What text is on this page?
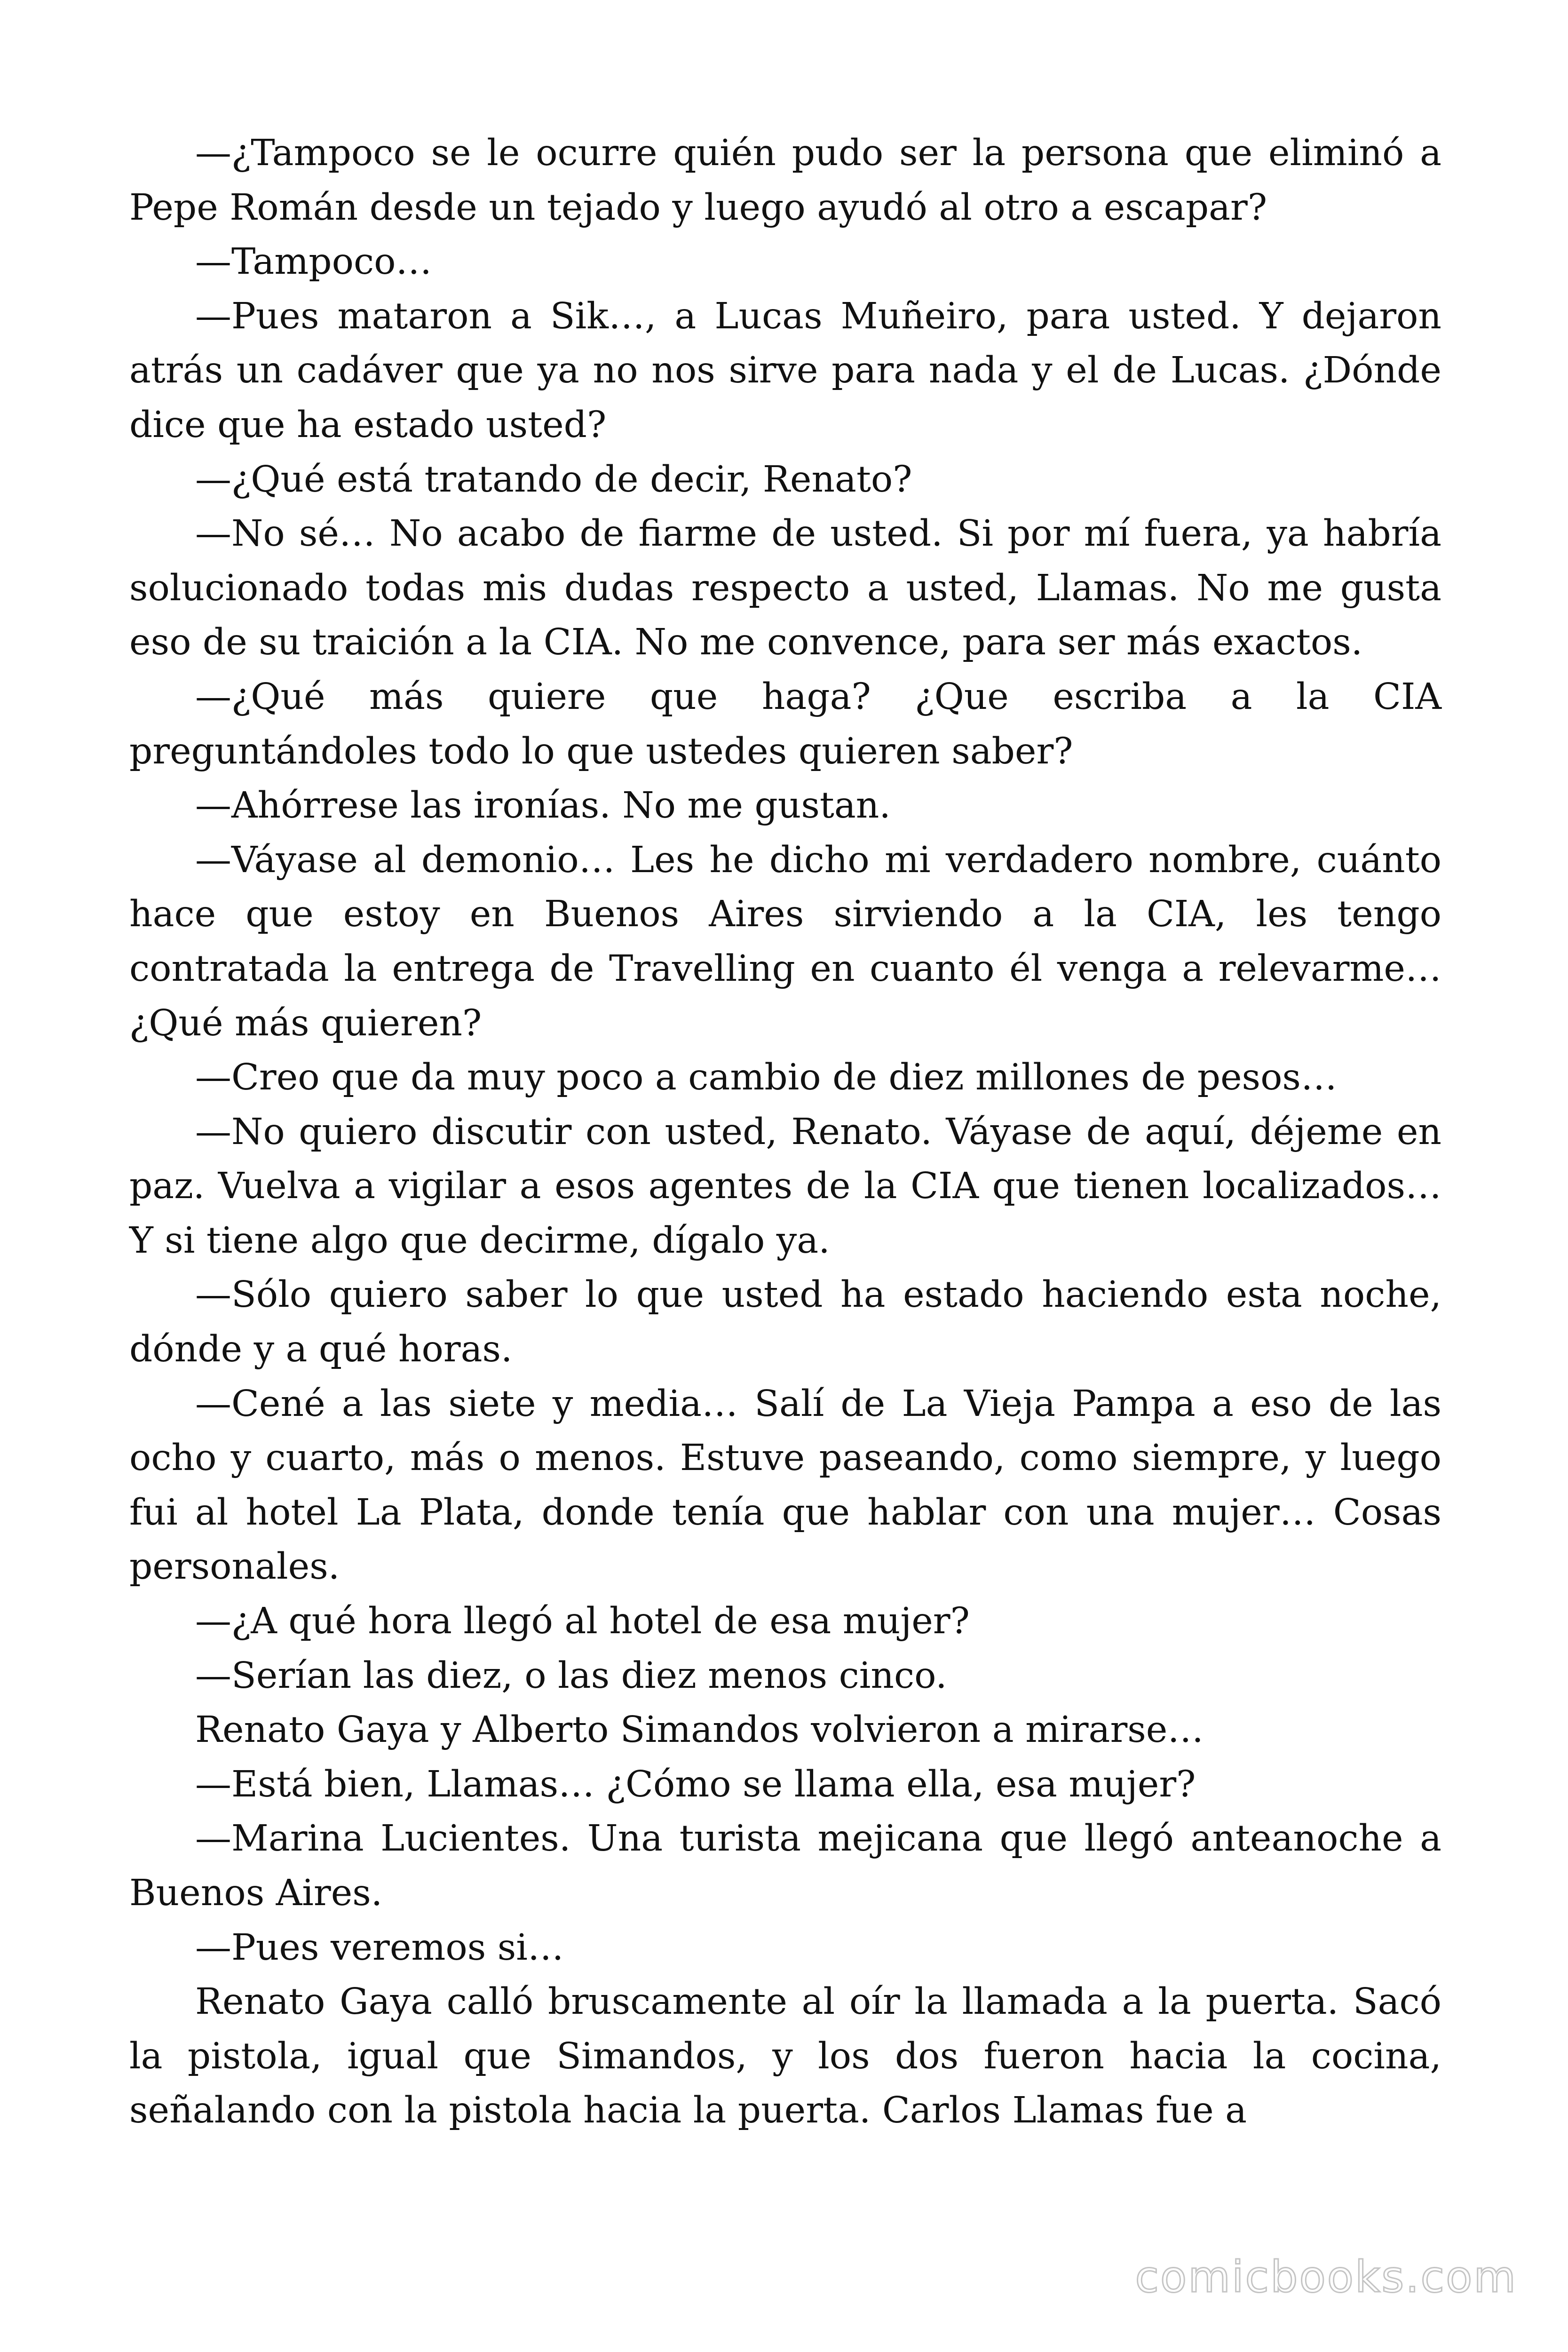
—¿Tampoco se le ocurre quién pudo ser la persona que eliminó a Pepe Román desde un tejado y luego ayudó al otro a escapar?

—Tampoco…

—Pues mataron a Sik…, a Lucas Muñeiro, para usted. Y dejaron atrás un cadáver que ya no nos sirve para nada y el de Lucas. ¿Dónde dice que ha estado usted?

—¿Qué está tratando de decir, Renato?

—No sé… No acabo de fiarme de usted. Si por mí fuera, ya habría solucionado todas mis dudas respecto a usted, Llamas. No me gusta eso de su traición a la CIA. No me convence, para ser más exactos.

—¿Qué más quiere que haga? ¿Que escriba a la CIA preguntándoles todo lo que ustedes quieren saber?

—Ahórrese las ironías. No me gustan.

—Váyase al demonio… Les he dicho mi verdadero nombre, cuánto hace que estoy en Buenos Aires sirviendo a la CIA, les tengo contratada la entrega de Travelling en cuanto él venga a relevarme… ¿Qué más quieren?

—Creo que da muy poco a cambio de diez millones de pesos…

—No quiero discutir con usted, Renato. Váyase de aquí, déjeme en paz. Vuelva a vigilar a esos agentes de la CIA que tienen localizados… Y si tiene algo que decirme, dígalo ya.

—Sólo quiero saber lo que usted ha estado haciendo esta noche, dónde y a qué horas.

—Cené a las siete y media… Salí de La Vieja Pampa a eso de las ocho y cuarto, más o menos. Estuve paseando, como siempre, y luego fui al hotel La Plata, donde tenía que hablar con una mujer… Cosas personales.

—¿A qué hora llegó al hotel de esa mujer?

—Serían las diez, o las diez menos cinco.

Renato Gaya y Alberto Simandos volvieron a mirarse…

—Está bien, Llamas… ¿Cómo se llama ella, esa mujer?

—Marina Lucientes. Una turista mejicana que llegó anteanoche a Buenos Aires.

—Pues veremos si…

Renato Gaya calló bruscamente al oír la llamada a la puerta. Sacó la pistola, igual que Simandos, y los dos fueron hacia la cocina, señalando con la pistola hacia la puerta. Carlos Llamas fue a

comicbooks.com
